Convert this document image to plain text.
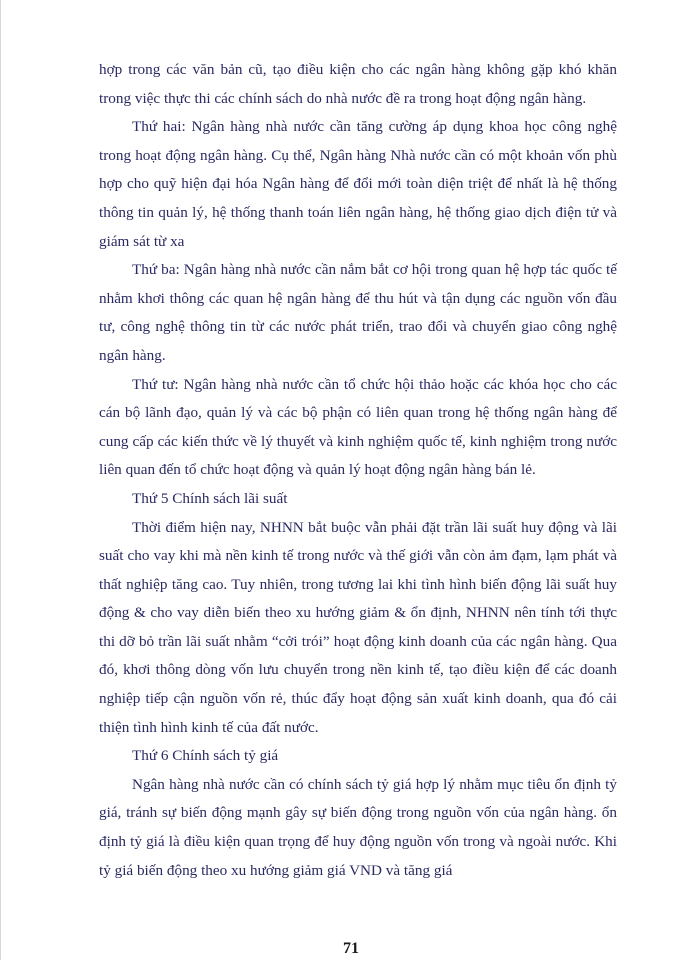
hợp trong các văn bản cũ, tạo điều kiện cho các ngân hàng không gặp khó khăn trong việc thực thi các chính sách do nhà nước đề ra trong hoạt động ngân hàng.

Thứ hai: Ngân hàng nhà nước cần tăng cường áp dụng khoa học công nghệ trong hoạt động ngân hàng. Cụ thể, Ngân hàng Nhà nước cần có một khoản vốn phù hợp cho quỹ hiện đại hóa Ngân hàng để đổi mới toàn diện triệt để nhất là hệ thống thông tin quản lý, hệ thống thanh toán liên ngân hàng, hệ thống giao dịch điện tử và giám sát từ xa

Thứ ba: Ngân hàng nhà nước cần nắm bắt cơ hội trong quan hệ hợp tác quốc tế nhằm khơi thông các quan hệ ngân hàng để thu hút và tận dụng các nguồn vốn đầu tư, công nghệ thông tin từ các nước phát triển, trao đổi và chuyển giao công nghệ ngân hàng.

Thứ tư: Ngân hàng nhà nước cần tổ chức hội thảo hoặc các khóa học cho các cán bộ lãnh đạo, quản lý và các bộ phận có liên quan trong hệ thống ngân hàng để cung cấp các kiến thức về lý thuyết và kinh nghiệm quốc tế, kinh nghiệm trong nước liên quan đến tổ chức hoạt động và quản lý hoạt động ngân hàng bán lẻ.

Thứ 5 Chính sách lãi suất

Thời điểm hiện nay, NHNN bắt buộc vẫn phải đặt trần lãi suất huy động và lãi suất cho vay khi mà nền kinh tế trong nước và thế giới vẫn còn ảm đạm, lạm phát và thất nghiệp tăng cao. Tuy nhiên, trong tương lai khi tình hình biến động lãi suất huy động & cho vay diễn biến theo xu hướng giảm & ổn định, NHNN nên tính tới thực thi dỡ bỏ trần lãi suất nhằm “cởi trói” hoạt động kinh doanh của các ngân hàng. Qua đó, khơi thông dòng vốn lưu chuyển trong nền kinh tế, tạo điều kiện để các doanh nghiệp tiếp cận nguồn vốn rẻ, thúc đẩy hoạt động sản xuất kinh doanh, qua đó cải thiện tình hình kinh tế của đất nước.

Thứ 6 Chính sách tỷ giá

Ngân hàng nhà nước cần có chính sách tỷ giá hợp lý nhằm mục tiêu ổn định tỷ giá, tránh sự biến động mạnh gây sự biến động trong nguồn vốn của ngân hàng. ổn định tỷ giá là điều kiện quan trọng để huy động nguồn vốn trong và ngoài nước. Khi tỷ giá biến động theo xu hướng giảm giá VND và tăng giá

71
